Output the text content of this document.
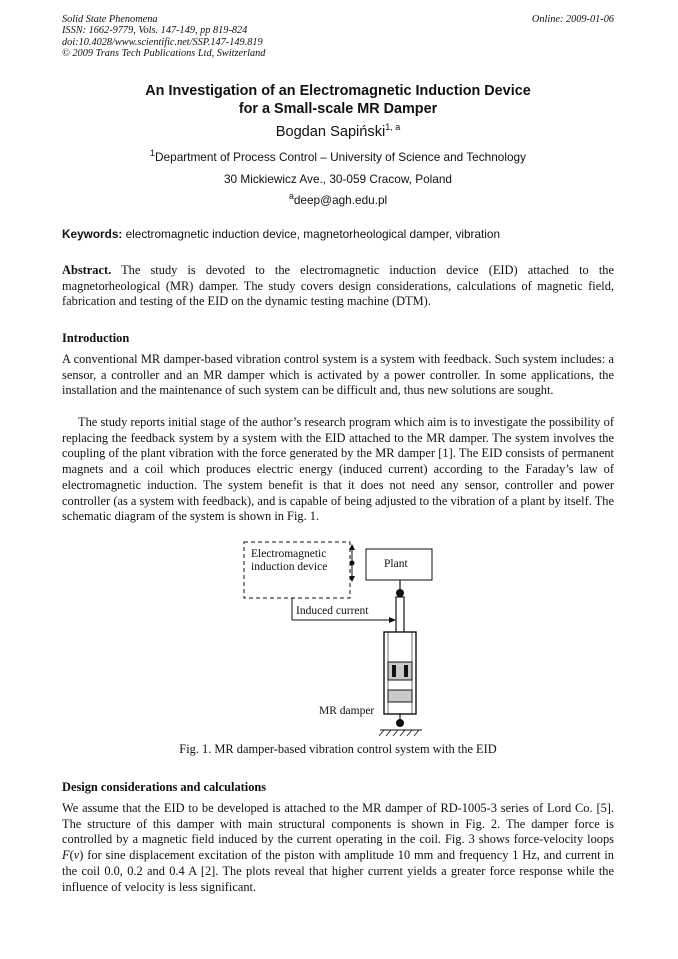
Solid State Phenomena
ISSN: 1662-9779, Vols. 147-149, pp 819-824
doi:10.4028/www.scientific.net/SSP.147-149.819
© 2009 Trans Tech Publications Ltd, Switzerland
Online: 2009-01-06
An Investigation of an Electromagnetic Induction Device
for a Small-scale MR Damper
Bogdan Sapiński$^{1, a}$
$^1$Department of Process Control – University of Science and Technology
30 Mickiewicz Ave., 30-059 Cracow, Poland
$^a$deep@agh.edu.pl
Keywords: electromagnetic induction device, magnetorheological damper, vibration
Abstract. The study is devoted to the electromagnetic induction device (EID) attached to the magnetorheological (MR) damper. The study covers design considerations, calculations of magnetic field, fabrication and testing of the EID on the dynamic testing machine (DTM).
Introduction
A conventional MR damper-based vibration control system is a system with feedback. Such system includes: a sensor, a controller and an MR damper which is activated by a power controller. In some applications, the installation and the maintenance of such system can be difficult and, thus new solutions are sought.
The study reports initial stage of the author’s research program which aim is to investigate the possibility of replacing the feedback system by a system with the EID attached to the MR damper. The system involves the coupling of the plant vibration with the force generated by the MR damper [1]. The EID consists of permanent magnets and a coil which produces electric energy (induced current) according to the Faraday’s law of electromagnetic induction. The system benefit is that it does not need any sensor, controller and power controller (as a system with feedback), and is capable of being adjusted to the vibration of a plant by itself. The schematic diagram of the system is shown in Fig. 1.
Electromagnetic
induction device	Plant
Induced current
MR damper
Fig. 1. MR damper-based vibration control system with the EID
Design considerations and calculations
We assume that the EID to be developed is attached to the MR damper of RD-1005-3 series of Lord Co. [5]. The structure of this damper with main structural components is shown in Fig. 2. The damper force is controlled by a magnetic field induced by the current operating in the coil. Fig. 3 shows force-velocity loops F(v) for sine displacement excitation of the piston with amplitude 10 mm and frequency 1 Hz, and current in the coil 0.0, 0.2 and 0.4 A [2]. The plots reveal that higher current yields a greater force response while the influence of velocity is less significant.
